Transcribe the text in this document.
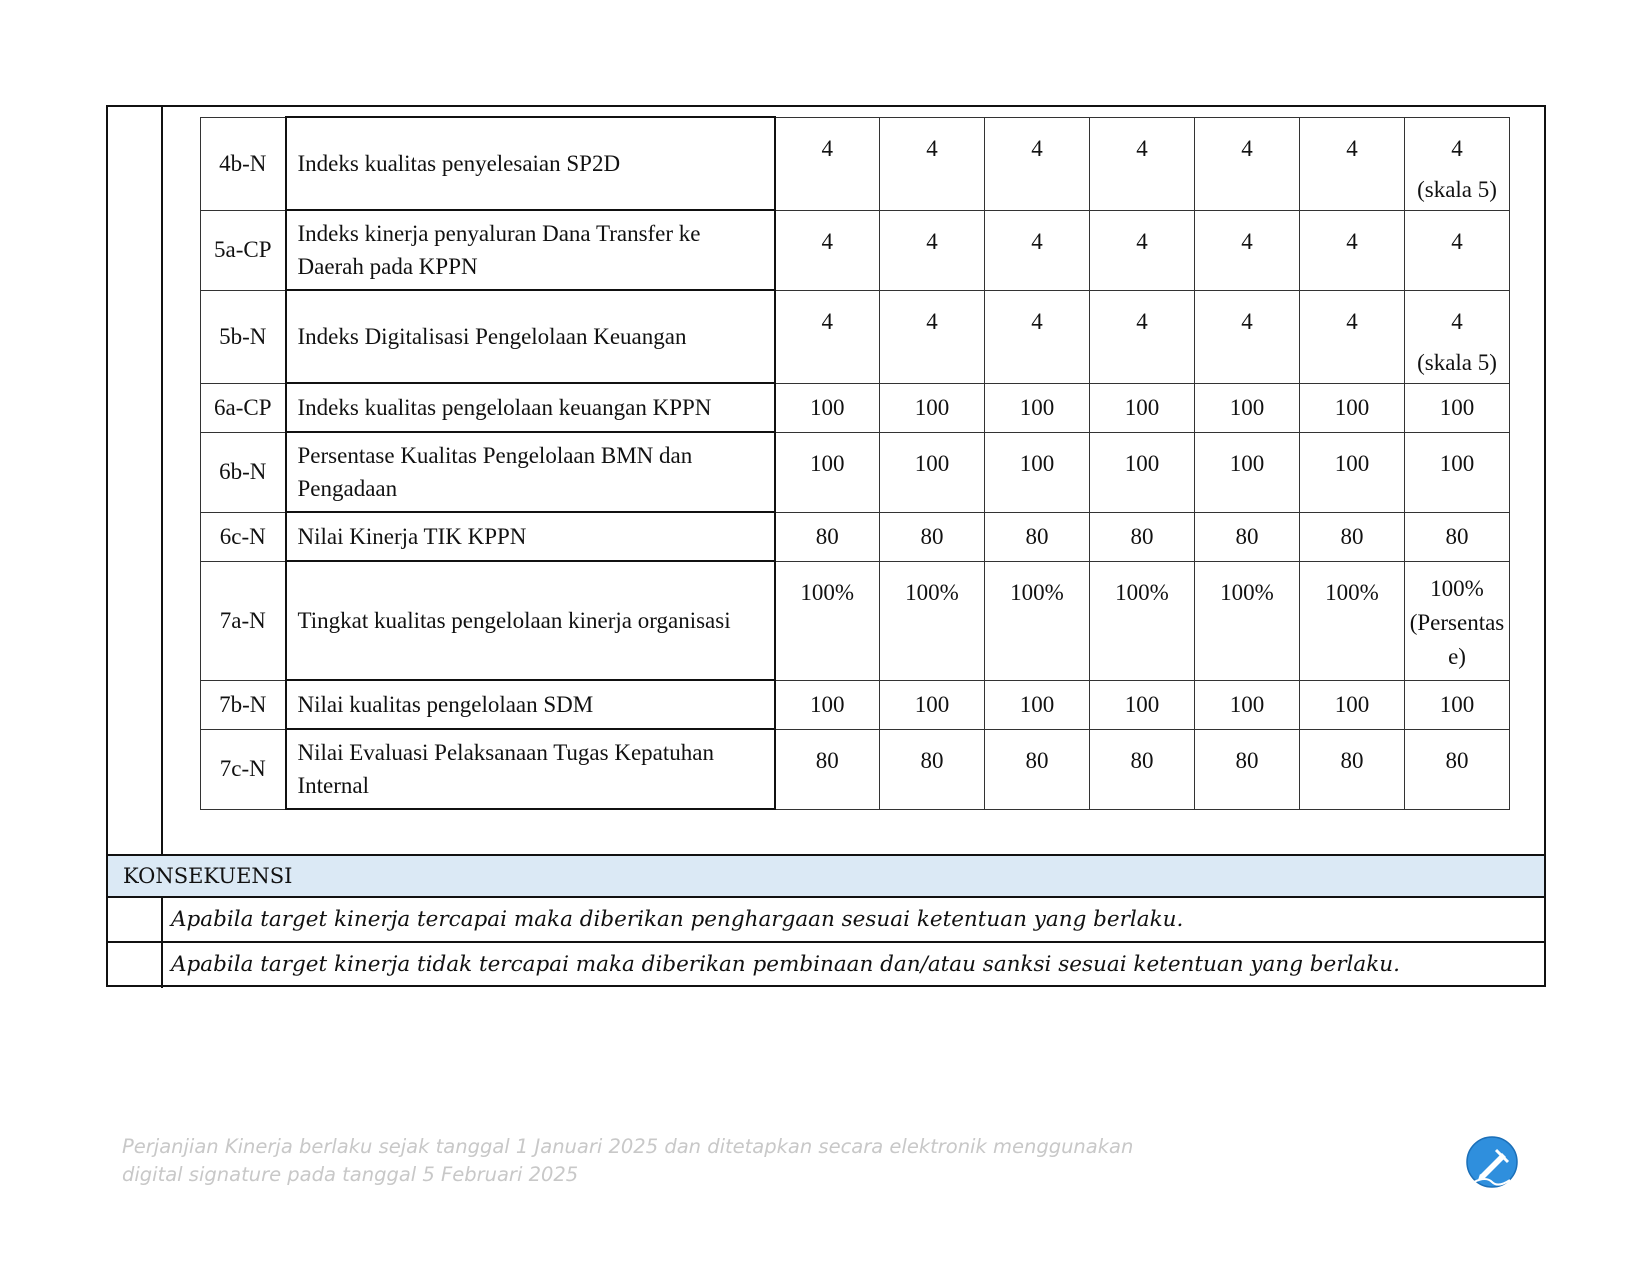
4b-N	Indeks kualitas penyelesaian SP2D	4	4	4	4	4	4	4
(skala 5)

5a-CP	Indeks kinerja penyaluran Dana Transfer ke Daerah pada KPPN	4	4	4	4	4	4	4

5b-N	Indeks Digitalisasi Pengelolaan Keuangan	4	4	4	4	4	4	4
(skala 5)

6a-CP	Indeks kualitas pengelolaan keuangan KPPN	100	100	100	100	100	100	100

6b-N	Persentase Kualitas Pengelolaan BMN dan Pengadaan	100	100	100	100	100	100	100

6c-N	Nilai Kinerja TIK KPPN	80	80	80	80	80	80	80

7a-N	Tingkat kualitas pengelolaan kinerja organisasi	100%	100%	100%	100%	100%	100%	100%
(Persentas
e)

7b-N	Nilai kualitas pengelolaan SDM	100	100	100	100	100	100	100

7c-N	Nilai Evaluasi Pelaksanaan Tugas Kepatuhan Internal	80	80	80	80	80	80	80
KONSEKUENSI
Apabila target kinerja tercapai maka diberikan penghargaan sesuai ketentuan yang berlaku.
Apabila target kinerja tidak tercapai maka diberikan pembinaan dan/atau sanksi sesuai ketentuan yang berlaku.
Perjanjian Kinerja berlaku sejak tanggal 1 Januari 2025 dan ditetapkan secara elektronik menggunakan
digital signature pada tanggal 5 Februari 2025
